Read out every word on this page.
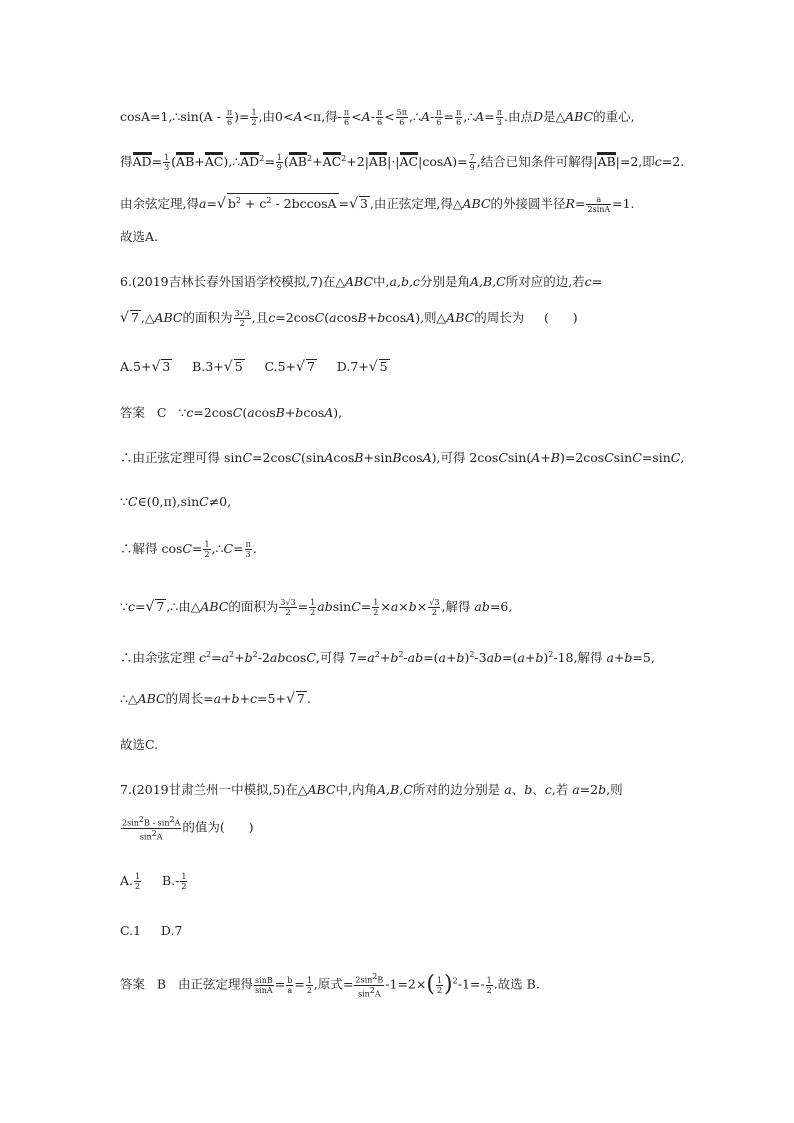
cosA=1,∴sin(A - $\frac{\pi}{6}$ )= $\frac{1}{2}$ ,由0<A<π,得- $\frac{\pi}{6} <A- \frac{\pi}{6} < \frac{5\pi}{6}$ ,∴A- $\frac{\pi}{6} = \frac{\pi}{6}$ ,∴A= $\frac{\pi}{3}$ .由点D是△ABC的重心,
得$AD= \frac{1}{3}$ $(AB+AC),\therefore AD^2= \frac{1}{9} (AB^2+AC^2+2|AB|\cdot|AC|\cos A)= \frac{7}{9}$ ,结合已知条件可解得|AB|=2,即c=2.
由余弦定理,得a=√ $b^2 + c^2 - 2bccosA$ =√ 3 ,由正弦定理,得△ABC的外接圆半径$R= \frac{a}{2\sin A} =1$.
故选A.
6.(2019吉林长春外国语学校模拟,7)在△ABC中,a,b,c分别是角A,B,C所对应的边,若c=
√ 7 ,△ABC的面积为 $\frac{3√3}{2}$ ,且c=2cosC(acosB+bcosA),则△ABC的周长为     (      )
A.5+√ 3     B.3+√ 5     C.5+√ 7     D.7+√ 5
答案   C   ∵c=2cosC(acosB+bcosA),
∴由正弦定理可得 sinC=2cosC(sinAcosB+sinBcosA),可得 2cosCsin(A+B)=2cosCsinC=sinC,
∵C∈(0,π),sinC≠0,
∴解得 $\cos C= \frac{1}{2}$ ,∴C= $\frac{\pi}{3}$ .
∵c=√ 7 ,∴由△ABC的面积为 $\frac{3√3}{2} = \frac{1}{2} absinC= \frac{1}{2} \times a\times b\times \frac{√3}{2}$ ,解得 ab=6,
∴由余弦定理 $c^2=a^2+b^2-2abcosC$,可得 $7=a^2+b^2-ab=(a+b)^2-3ab=(a+b)^2-18$,解得 a+b=5,
∴△ABC的周长=a+b+c=5+√ 7 .
故选C.
7.(2019甘肃兰州一中模拟,5)在△ABC中,内角A,B,C所对的边分别是 a、b、c,若 a=2b,则
$\frac{2\sin^2B - \sin^2A}{\sin^2A}$ 的值为(      )
A. $\frac{1}{2} B.- \frac{1}{2}$
C.1     D.7
答案   B   由正弦定理得 $\frac{\sin B}{\sin A} = \frac{b}{a} = \frac{1}{2}$ ,原式= $\frac{2\sin^2B}{\sin^2A} -1=2\times( \frac{1}{2} )^2-1=- \frac{1}{2}$ .故选 B.
